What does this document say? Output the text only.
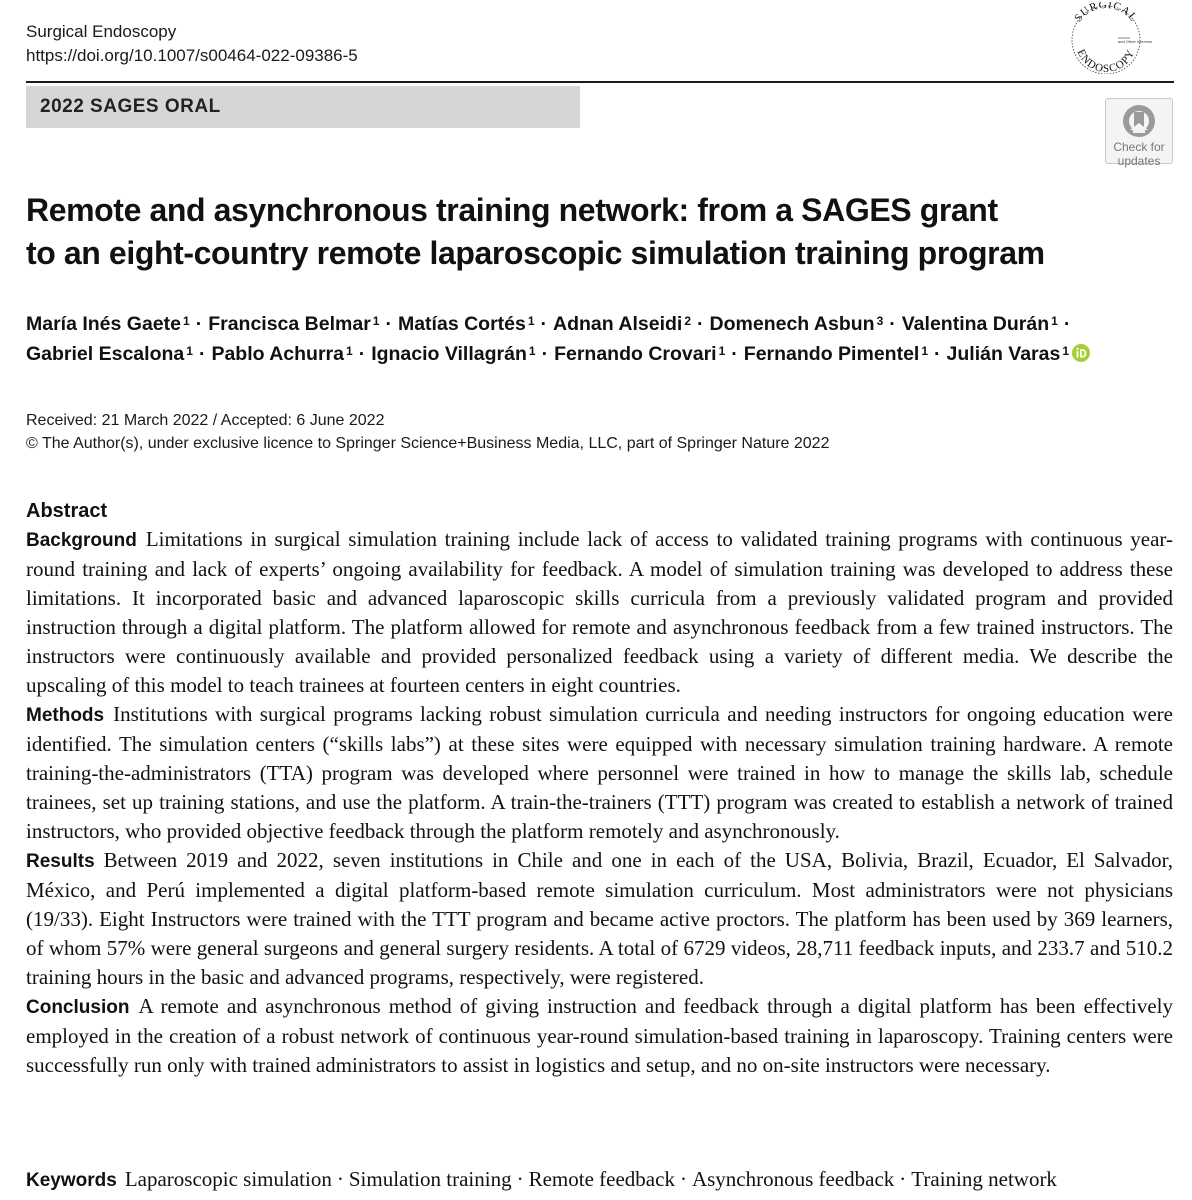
Surgical Endoscopy
https://doi.org/10.1007/s00464-022-09386-5
SURGICAL
ENDOSCOPY
and Other Interven
2022 SAGES ORAL
Check for
updates
Remote and asynchronous training network: from a SAGES grant
to an eight-country remote laparoscopic simulation training program
María Inés Gaete $^1$ · Francisca Belmar $^1$ · Matías Cortés $^1$ · Adnan Alseidi $^2$ · Domenech Asbun $^3$ · Valentina Durán $^1$ ·
Gabriel Escalona $^1$ · Pablo Achurra $^1$ · Ignacio Villagrán $^1$ · Fernando Crovari $^1$ · Fernando Pimentel $^1$ · Julián Varas $^1$
Received: 21 March 2022 / Accepted: 6 June 2022
© The Author(s), under exclusive licence to Springer Science+Business Media, LLC, part of Springer Nature 2022
Abstract

Background Limitations in surgical simulation training include lack of access to validated training programs with continuous year-round training and lack of experts’ ongoing availability for feedback. A model of simulation training was developed to address these limitations. It incorporated basic and advanced laparoscopic skills curricula from a previously validated program and provided instruction through a digital platform. The platform allowed for remote and asynchronous feedback from a few trained instructors. The instructors were continuously available and provided personalized feedback using a variety of different media. We describe the upscaling of this model to teach trainees at fourteen centers in eight countries.

Methods Institutions with surgical programs lacking robust simulation curricula and needing instructors for ongoing education were identified. The simulation centers (“skills labs”) at these sites were equipped with necessary simulation training hardware. A remote training-the-administrators (TTA) program was developed where personnel were trained in how to manage the skills lab, schedule trainees, set up training stations, and use the platform. A train-the-trainers (TTT) program was created to establish a network of trained instructors, who provided objective feedback through the platform remotely and asynchronously.

Results Between 2019 and 2022, seven institutions in Chile and one in each of the USA, Bolivia, Brazil, Ecuador, El Salvador, México, and Perú implemented a digital platform-based remote simulation curriculum. Most administrators were not physicians (19/33). Eight Instructors were trained with the TTT program and became active proctors. The platform has been used by 369 learners, of whom 57% were general surgeons and general surgery residents. A total of 6729 videos, 28,711 feedback inputs, and 233.7 and 510.2 training hours in the basic and advanced programs, respectively, were registered.

Conclusion A remote and asynchronous method of giving instruction and feedback through a digital platform has been effectively employed in the creation of a robust network of continuous year-round simulation-based training in laparoscopy. Training centers were successfully run only with trained administrators to assist in logistics and setup, and no on-site instructors were necessary.

Keywords Laparoscopic simulation · Simulation training · Remote feedback · Asynchronous feedback · Training network
